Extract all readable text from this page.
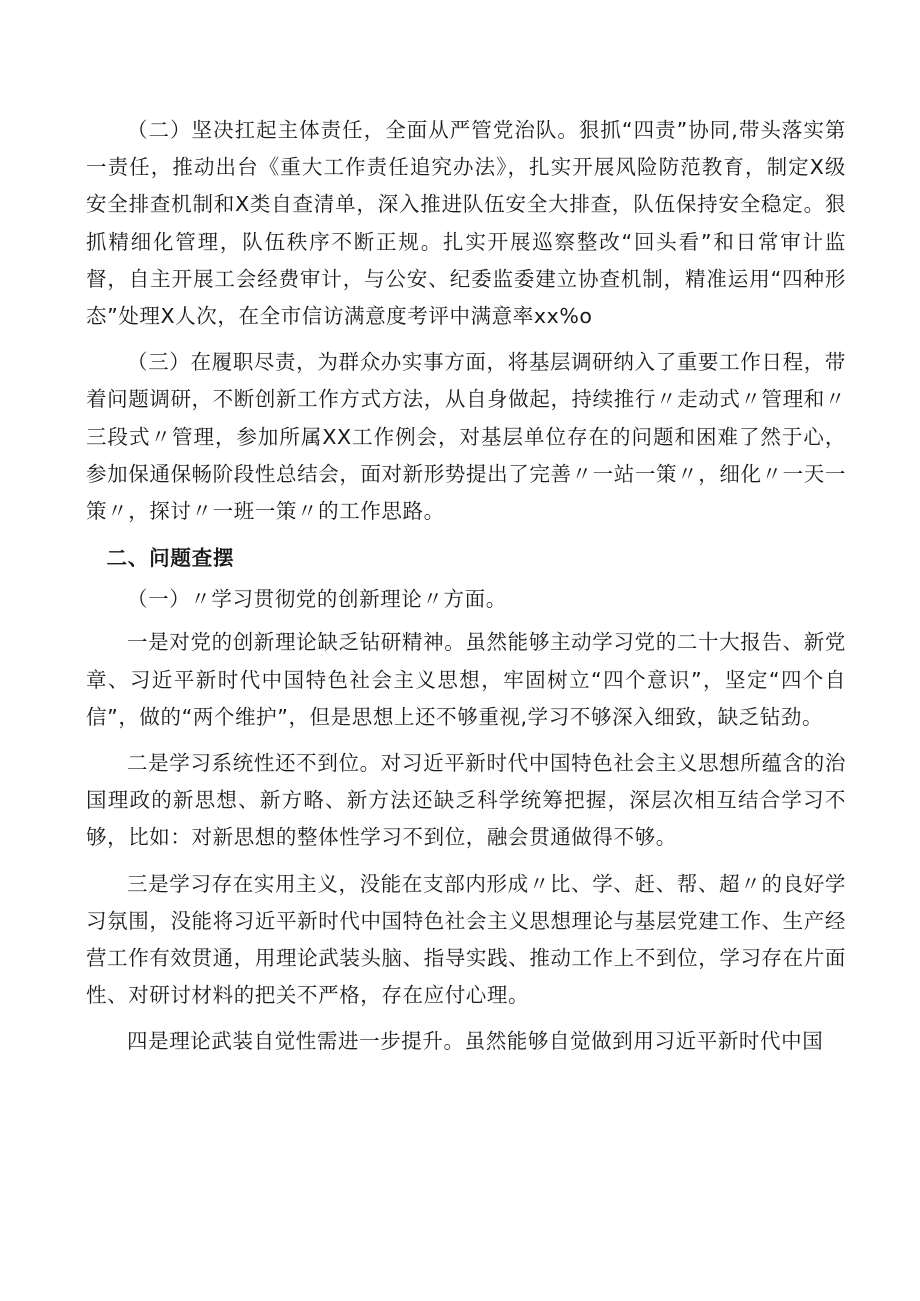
（二）坚决扛起主体责任，全面从严管党治队。狠抓“四责”协同,带头落实第一责任，推动出台《重大工作责任追究办法》，扎实开展风险防范教育，制定X级安全排查机制和X类自查清单，深入推进队伍安全大排查，队伍保持安全稳定。狠抓精细化管理，队伍秩序不断正规。扎实开展巡察整改“回头看”和日常审计监督，自主开展工会经费审计，与公安、纪委监委建立协查机制，精准运用“四种形态”处理X人次，在全市信访满意度考评中满意率xx%o

（三）在履职尽责，为群众办实事方面，将基层调研纳入了重要工作日程，带着问题调研，不断创新工作方式方法，从自身做起，持续推行〃走动式〃管理和〃三段式〃管理，参加所属XX工作例会，对基层单位存在的问题和困难了然于心，参加保通保畅阶段性总结会，面对新形势提出了完善〃一站一策〃，细化〃一天一策〃，探讨〃一班一策〃的工作思路。

二、问题查摆

（一）〃学习贯彻党的创新理论〃方面。

一是对党的创新理论缺乏钻研精神。虽然能够主动学习党的二十大报告、新党章、习近平新时代中国特色社会主义思想，牢固树立“四个意识”，坚定“四个自信”，做的“两个维护”，但是思想上还不够重视,学习不够深入细致，缺乏钻劲。

二是学习系统性还不到位。对习近平新时代中国特色社会主义思想所蕴含的治国理政的新思想、新方略、新方法还缺乏科学统筹把握，深层次相互结合学习不够，比如：对新思想的整体性学习不到位，融会贯通做得不够。

三是学习存在实用主义，没能在支部内形成〃比、学、赶、帮、超〃的良好学习氛围，没能将习近平新时代中国特色社会主义思想理论与基层党建工作、生产经营工作有效贯通，用理论武装头脑、指导实践、推动工作上不到位，学习存在片面性、对研讨材料的把关不严格，存在应付心理。

四是理论武装自觉性需进一步提升。虽然能够自觉做到用习近平新时代中国
